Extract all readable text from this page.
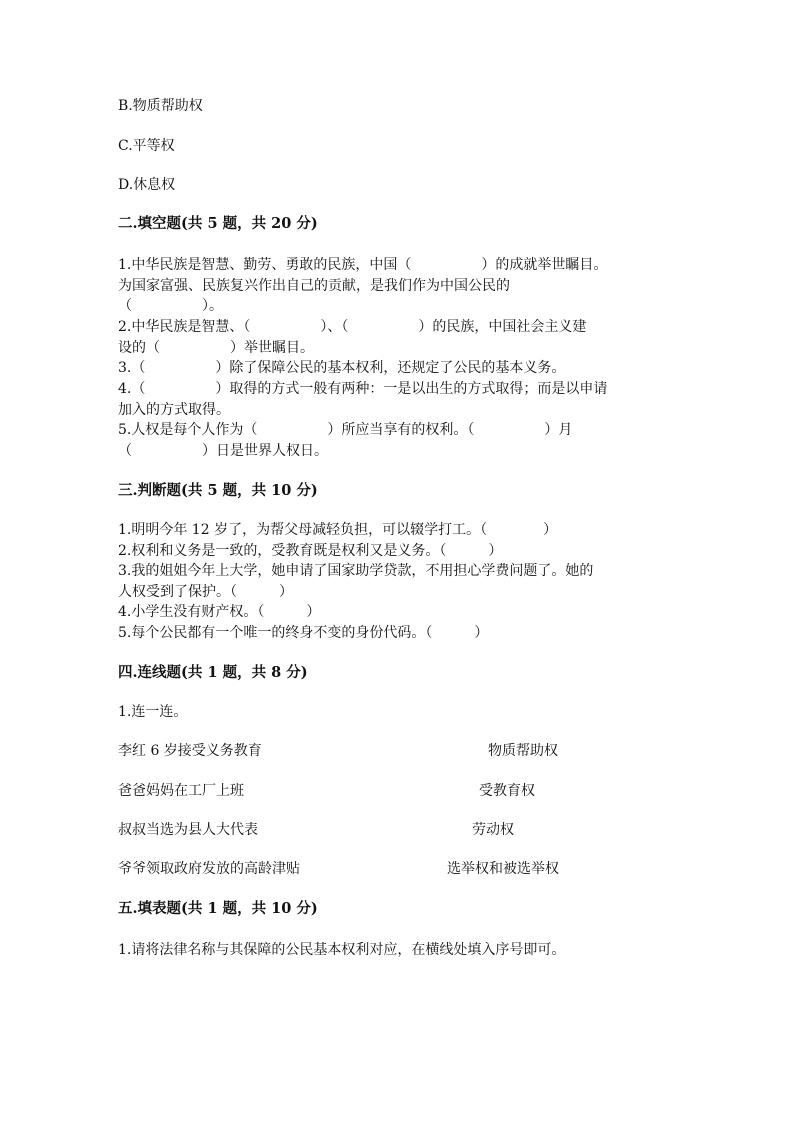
B.物质帮助权
C.平等权
D.休息权
二.填空题(共 5 题，共 20 分)
1.中华民族是智慧、勤劳、勇敢的民族，中国（　　　　　）的成就举世瞩目。
为国家富强、民族复兴作出自己的贡献，是我们作为中国公民的
（　　　　　）。
2.中华民族是智慧、（　　　　　）、（　　　　　）的民族，中国社会主义建
设的（　　　　　）举世瞩目。
3.（　　　　　）除了保障公民的基本权利，还规定了公民的基本义务。
4.（　　　　　）取得的方式一般有两种：一是以出生的方式取得；而是以申请
加入的方式取得。
5.人权是每个人作为（　　　　　）所应当享有的权利。（　　　　　）月
（　　　　　）日是世界人权日。
三.判断题(共 5 题，共 10 分)
1.明明今年 12 岁了，为帮父母减轻负担，可以辍学打工。（　　　　）
2.权利和义务是一致的，受教育既是权利又是义务。（　　　）
3.我的姐姐今年上大学，她申请了国家助学贷款，不用担心学费问题了。她的
人权受到了保护。（　　　）
4.小学生没有财产权。（　　　）
5.每个公民都有一个唯一的终身不变的身份代码。（　　　）
四.连线题(共 1 题，共 8 分)
1.连一连。
李红 6 岁接受义务教育	物质帮助权
爸爸妈妈在工厂上班	受教育权
叔叔当选为县人大代表	劳动权
爷爷领取政府发放的高龄津贴	选举权和被选举权
五.填表题(共 1 题，共 10 分)
1.请将法律名称与其保障的公民基本权利对应，在横线处填入序号即可。
